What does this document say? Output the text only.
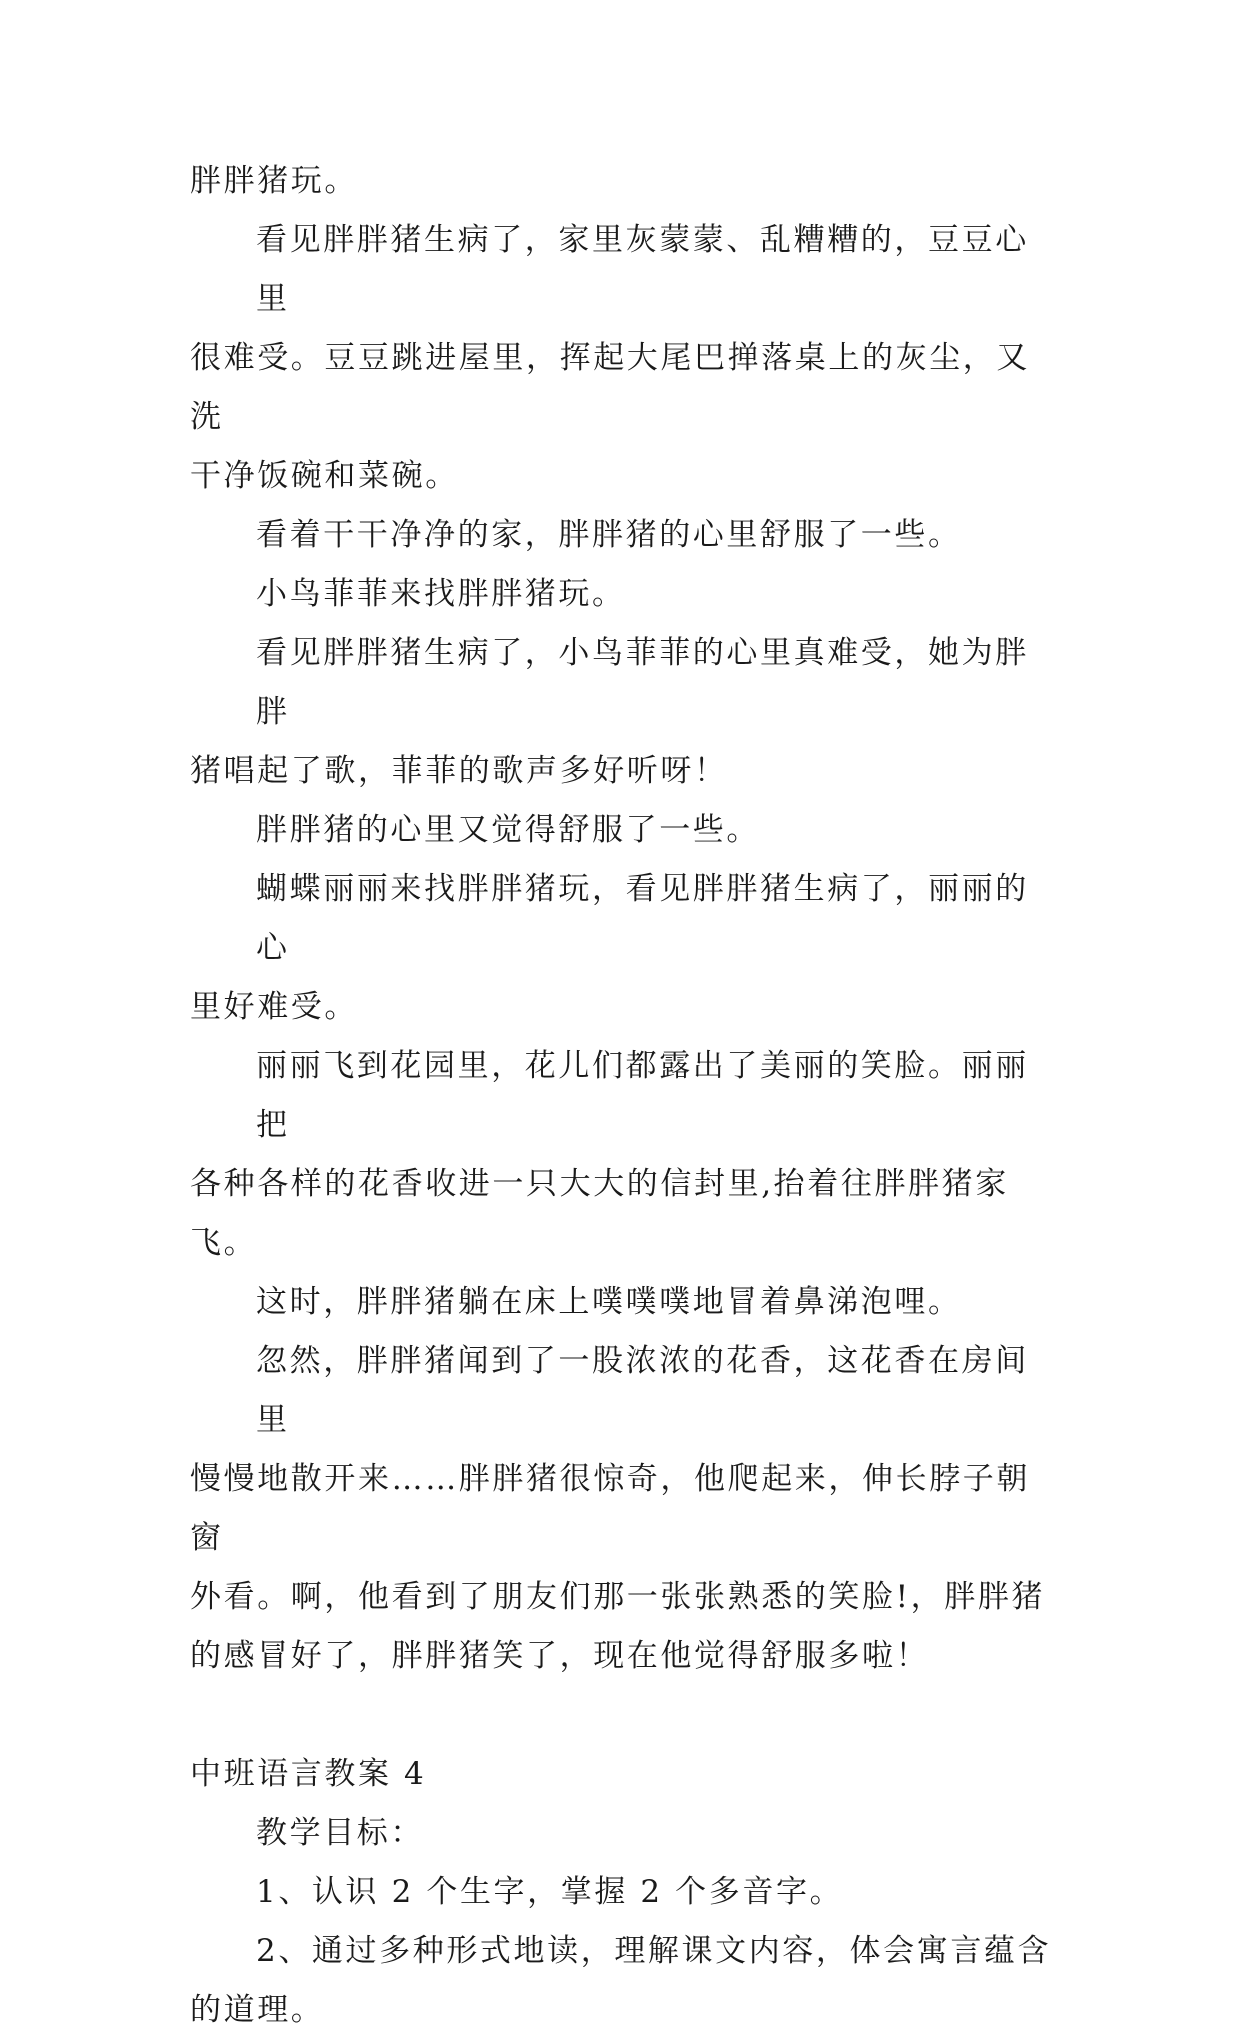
胖胖猪玩。

看见胖胖猪生病了，家里灰蒙蒙、乱糟糟的，豆豆心里
很难受。豆豆跳进屋里，挥起大尾巴掸落桌上的灰尘，又洗
干净饭碗和菜碗。

看着干干净净的家，胖胖猪的心里舒服了一些。

小鸟菲菲来找胖胖猪玩。

看见胖胖猪生病了，小鸟菲菲的心里真难受，她为胖胖
猪唱起了歌，菲菲的歌声多好听呀！

胖胖猪的心里又觉得舒服了一些。

蝴蝶丽丽来找胖胖猪玩，看见胖胖猪生病了，丽丽的心
里好难受。

丽丽飞到花园里，花儿们都露出了美丽的笑脸。丽丽把
各种各样的花香收进一只大大的信封里,抬着往胖胖猪家飞。

这时，胖胖猪躺在床上噗噗噗地冒着鼻涕泡哩。

忽然，胖胖猪闻到了一股浓浓的花香，这花香在房间里
慢慢地散开来……胖胖猪很惊奇，他爬起来，伸长脖子朝窗
外看。啊，他看到了朋友们那一张张熟悉的笑脸!，胖胖猪
的感冒好了，胖胖猪笑了，现在他觉得舒服多啦！

中班语言教案 4

教学目标：

1、认识 2 个生字，掌握 2 个多音字。

2、通过多种形式地读，理解课文内容，体会寓言蕴含
的道理。
